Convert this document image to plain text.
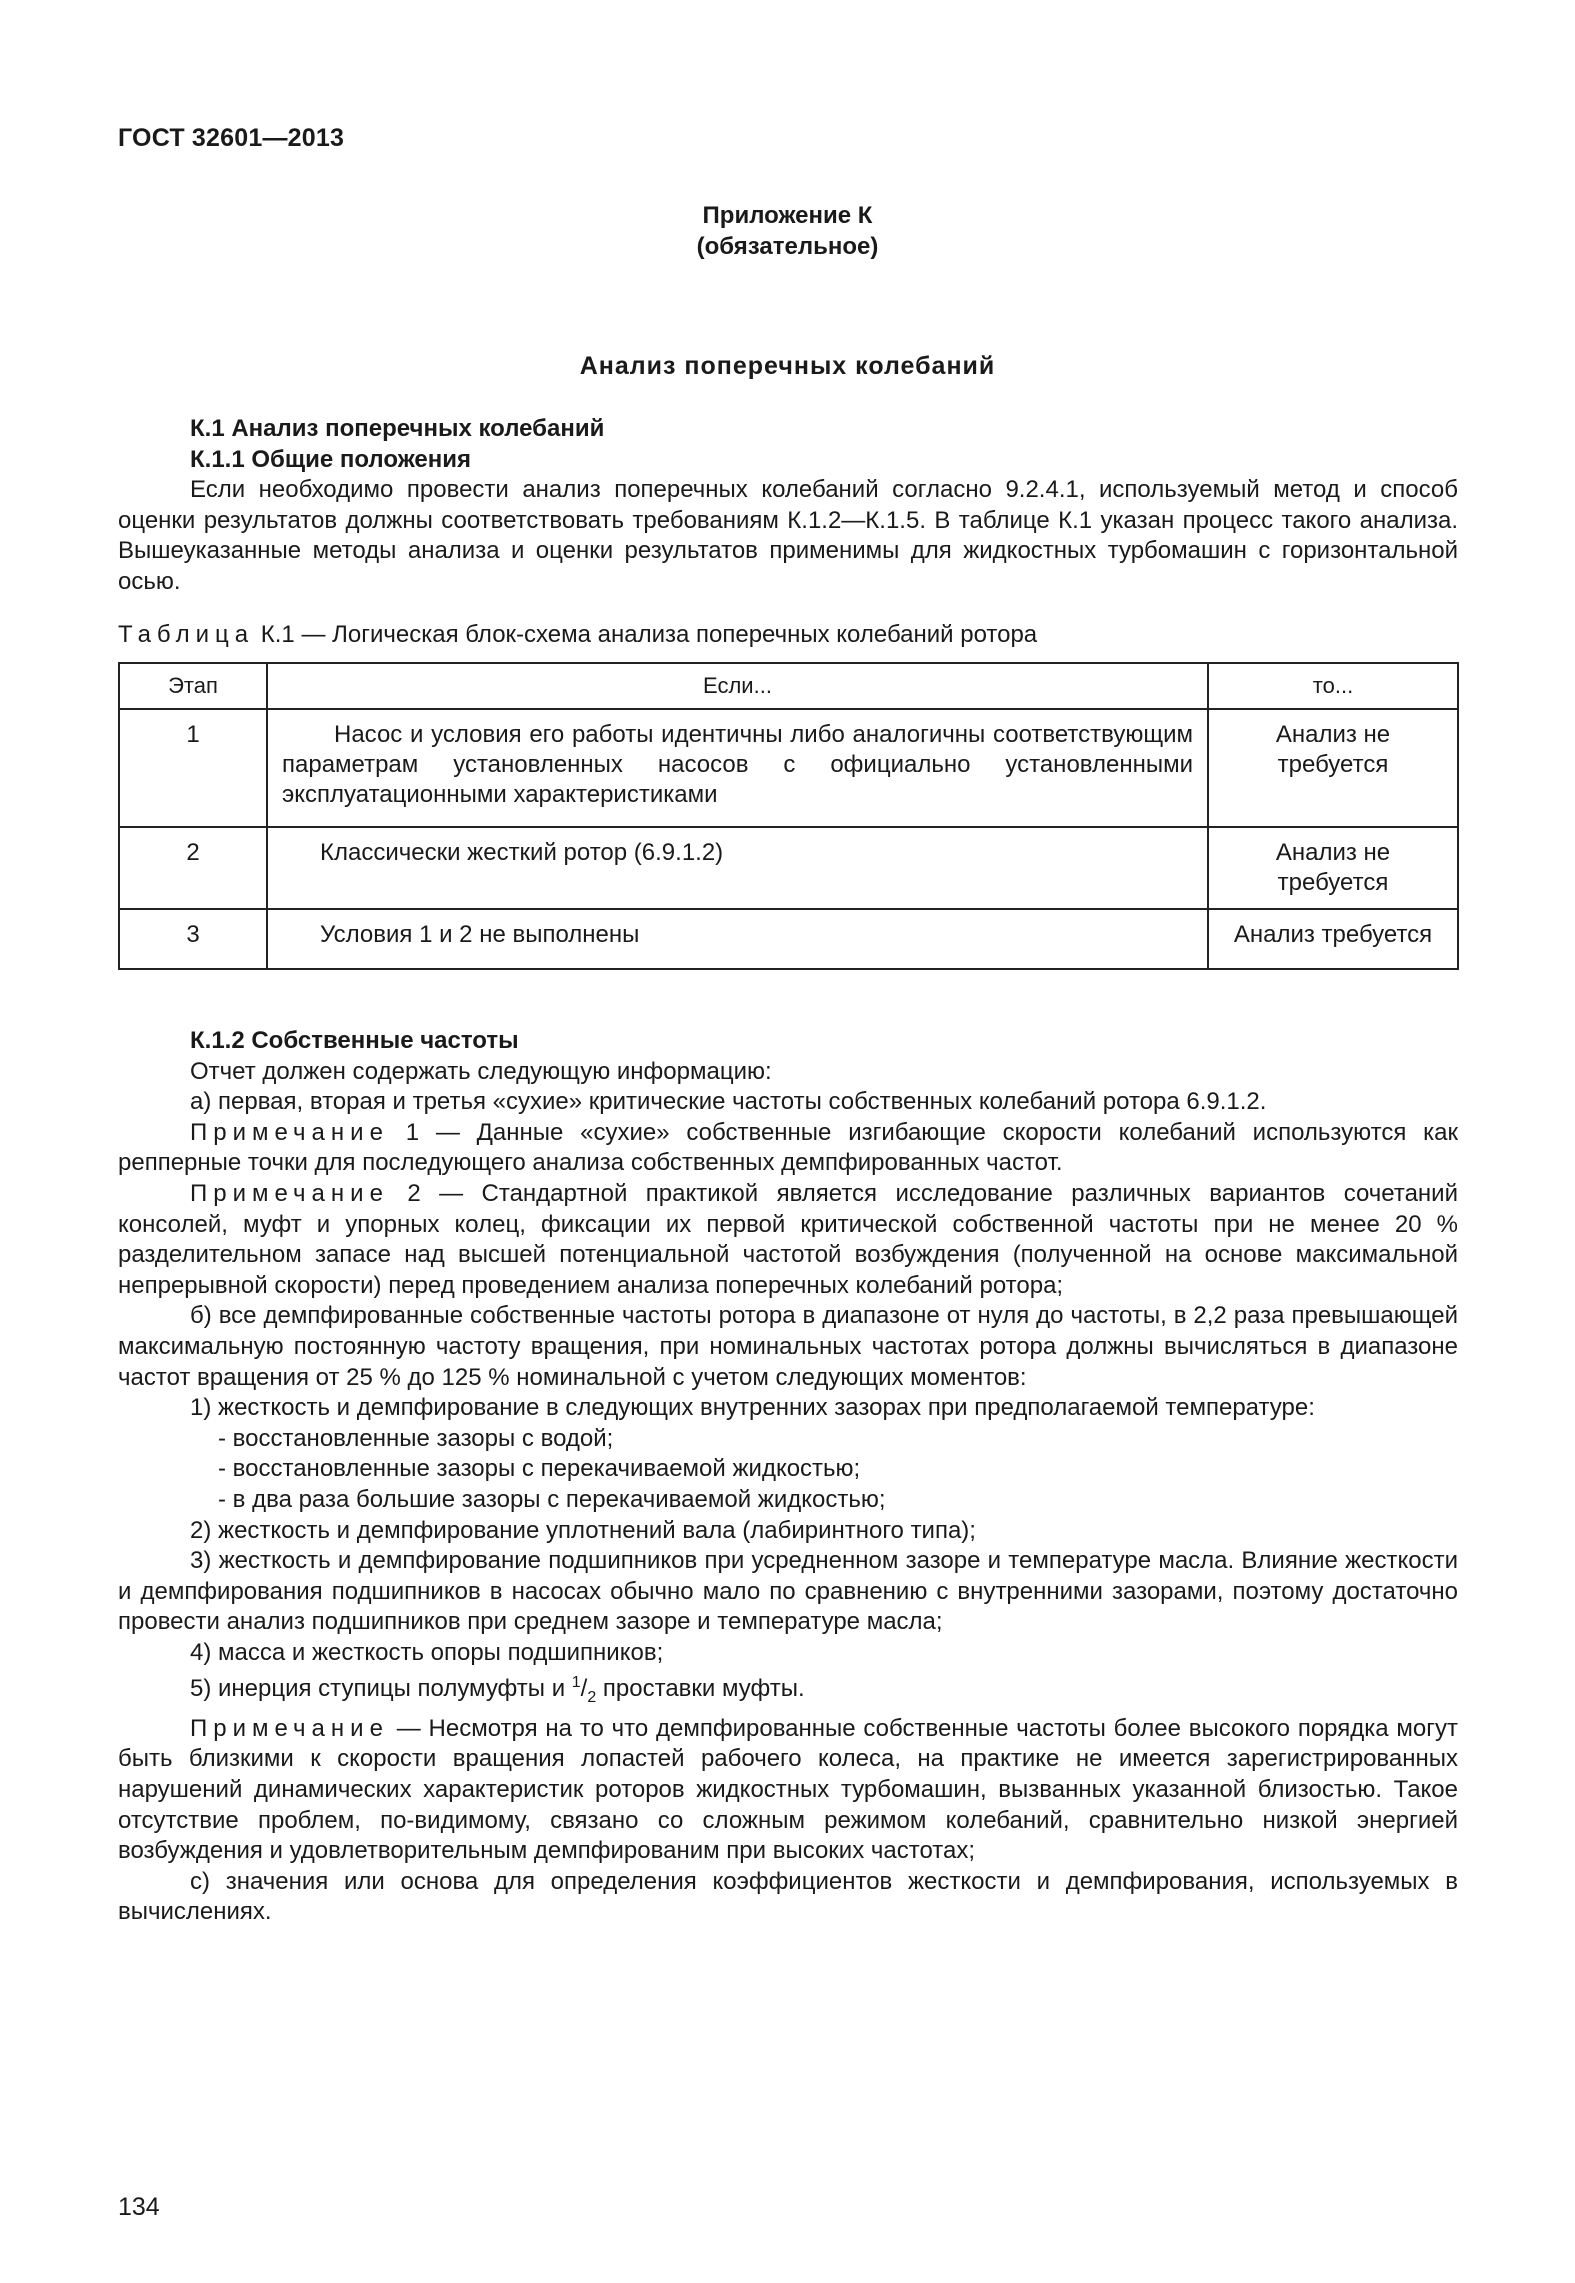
ГОСТ 32601—2013
Приложение К
(обязательное)
Анализ поперечных колебаний

К.1 Анализ поперечных колебаний

К.1.1 Общие положения

Если необходимо провести анализ поперечных колебаний согласно 9.2.4.1, используемый метод и способ оценки результатов должны соответствовать требованиям К.1.2—К.1.5. В таблице К.1 указан процесс такого анализа. Вышеуказанные методы анализа и оценки результатов применимы для жидкостных турбомашин с горизонтальной осью.

Таблица К.1 — Логическая блок-схема анализа поперечных колебаний ротора
Этап	Если...	то...
1	Насос и условия его работы идентичны либо аналогичны соответствующим параметрам установленных насосов с официально установленными эксплуатационными характеристиками	Анализ не требуется
2	Классически жесткий ротор (6.9.1.2)	Анализ не требуется
3	Условия 1 и 2 не выполнены	Анализ требуется

К.1.2 Собственные частоты

Отчет должен содержать следующую информацию:

а) первая, вторая и третья «сухие» критические частоты собственных колебаний ротора 6.9.1.2.

Примечание 1 — Данные «сухие» собственные изгибающие скорости колебаний используются как репперные точки для последующего анализа собственных демпфированных частот.

Примечание 2 — Стандартной практикой является исследование различных вариантов сочетаний консолей, муфт и упорных колец, фиксации их первой критической собственной частоты при не менее 20 % разделительном запасе над высшей потенциальной частотой возбуждения (полученной на основе максимальной непрерывной скорости) перед проведением анализа поперечных колебаний ротора;

б) все демпфированные собственные частоты ротора в диапазоне от нуля до частоты, в 2,2 раза превышающей максимальную постоянную частоту вращения, при номинальных частотах ротора должны вычисляться в диапазоне частот вращения от 25 % до 125 % номинальной с учетом следующих моментов:

1) жесткость и демпфирование в следующих внутренних зазорах при предполагаемой температуре:

- восстановленные зазоры с водой;

- восстановленные зазоры с перекачиваемой жидкостью;

- в два раза большие зазоры с перекачиваемой жидкостью;

2) жесткость и демпфирование уплотнений вала (лабиринтного типа);

3) жесткость и демпфирование подшипников при усредненном зазоре и температуре масла. Влияние жесткости и демпфирования подшипников в насосах обычно мало по сравнению с внутренними зазорами, поэтому достаточно провести анализ подшипников при среднем зазоре и температуре масла;

4) масса и жесткость опоры подшипников;

5) инерция ступицы полумуфты и $^1/_2$ проставки муфты.

Примечание — Несмотря на то что демпфированные собственные частоты более высокого порядка могут быть близкими к скорости вращения лопастей рабочего колеса, на практике не имеется зарегистрированных нарушений динамических характеристик роторов жидкостных турбомашин, вызванных указанной близостью. Такое отсутствие проблем, по-видимому, связано со сложным режимом колебаний, сравнительно низкой энергией возбуждения и удовлетворительным демпфированим при высоких частотах;

с) значения или основа для определения коэффициентов жесткости и демпфирования, используемых в вычислениях.

134
